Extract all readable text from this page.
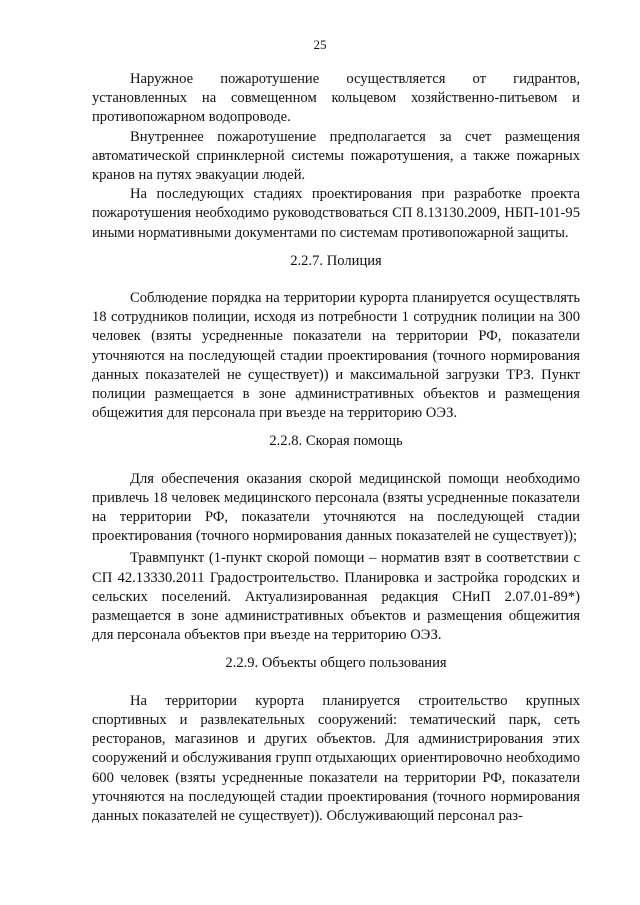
25

Наружное пожаротушение осуществляется от гидрантов, установленных на совмещенном кольцевом хозяйственно-питьевом и противопожарном водопроводе.

Внутреннее пожаротушение предполагается за счет размещения автоматической спринклерной системы пожаротушения, а также пожарных кранов на путях эвакуации людей.

На последующих стадиях проектирования при разработке проекта пожаротушения необходимо руководствоваться СП 8.13130.2009, НБП-101-95 иными нормативными документами по системам противопожарной защиты.

2.2.7. Полиция

Соблюдение порядка на территории курорта планируется осуществлять 18 сотрудников полиции, исходя из потребности 1 сотрудник полиции на 300 человек (взяты усредненные показатели на территории РФ, показатели уточняются на последующей стадии проектирования (точного нормирования данных показателей не существует)) и максимальной загрузки ТРЗ. Пункт полиции размещается в зоне административных объектов и размещения общежития для персонала при въезде на территорию ОЭЗ.

2.2.8. Скорая помощь

Для обеспечения оказания скорой медицинской помощи необходимо привлечь 18 человек медицинского персонала (взяты усредненные показатели на территории РФ, показатели уточняются на последующей стадии проектирования (точного нормирования данных показателей не существует));

Травмпункт (1-пункт скорой помощи – норматив взят в соответствии с СП 42.13330.2011 Градостроительство. Планировка и застройка городских и сельских поселений. Актуализированная редакция СНиП 2.07.01-89*) размещается в зоне административных объектов и размещения общежития для персонала объектов при въезде на территорию ОЭЗ.

2.2.9. Объекты общего пользования

На территории курорта планируется строительство крупных спортивных и развлекательных сооружений: тематический парк, сеть ресторанов, магазинов и других объектов. Для администрирования этих сооружений и обслуживания групп отдыхающих ориентировочно необходимо 600 человек (взяты усредненные показатели на территории РФ, показатели уточняются на последующей стадии проектирования (точного нормирования данных показателей не существует)). Обслуживающий персонал раз-
